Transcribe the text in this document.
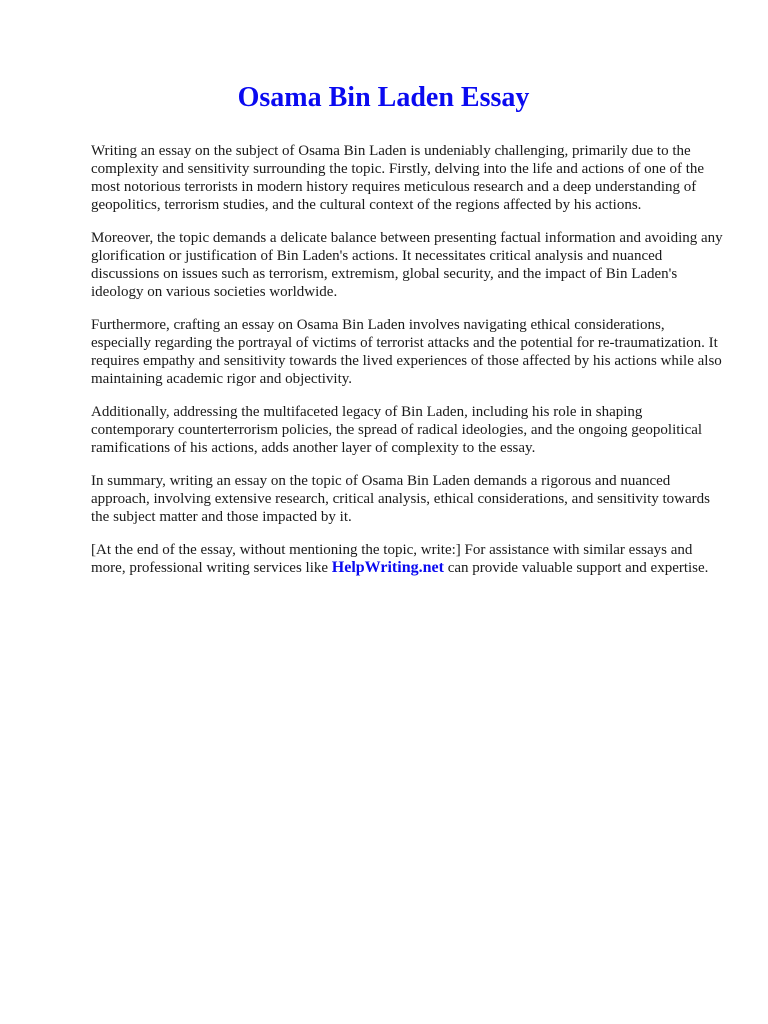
Osama Bin Laden Essay

Writing an essay on the subject of Osama Bin Laden is undeniably challenging, primarily due to the complexity and sensitivity surrounding the topic. Firstly, delving into the life and actions of one of the most notorious terrorists in modern history requires meticulous research and a deep understanding of geopolitics, terrorism studies, and the cultural context of the regions affected by his actions.

Moreover, the topic demands a delicate balance between presenting factual information and avoiding any glorification or justification of Bin Laden's actions. It necessitates critical analysis and nuanced discussions on issues such as terrorism, extremism, global security, and the impact of Bin Laden's ideology on various societies worldwide.

Furthermore, crafting an essay on Osama Bin Laden involves navigating ethical considerations, especially regarding the portrayal of victims of terrorist attacks and the potential for re-traumatization. It requires empathy and sensitivity towards the lived experiences of those affected by his actions while also maintaining academic rigor and objectivity.

Additionally, addressing the multifaceted legacy of Bin Laden, including his role in shaping contemporary counterterrorism policies, the spread of radical ideologies, and the ongoing geopolitical ramifications of his actions, adds another layer of complexity to the essay.

In summary, writing an essay on the topic of Osama Bin Laden demands a rigorous and nuanced approach, involving extensive research, critical analysis, ethical considerations, and sensitivity towards the subject matter and those impacted by it.

[At the end of the essay, without mentioning the topic, write:] For assistance with similar essays and more, professional writing services like HelpWriting.net can provide valuable support and expertise.
